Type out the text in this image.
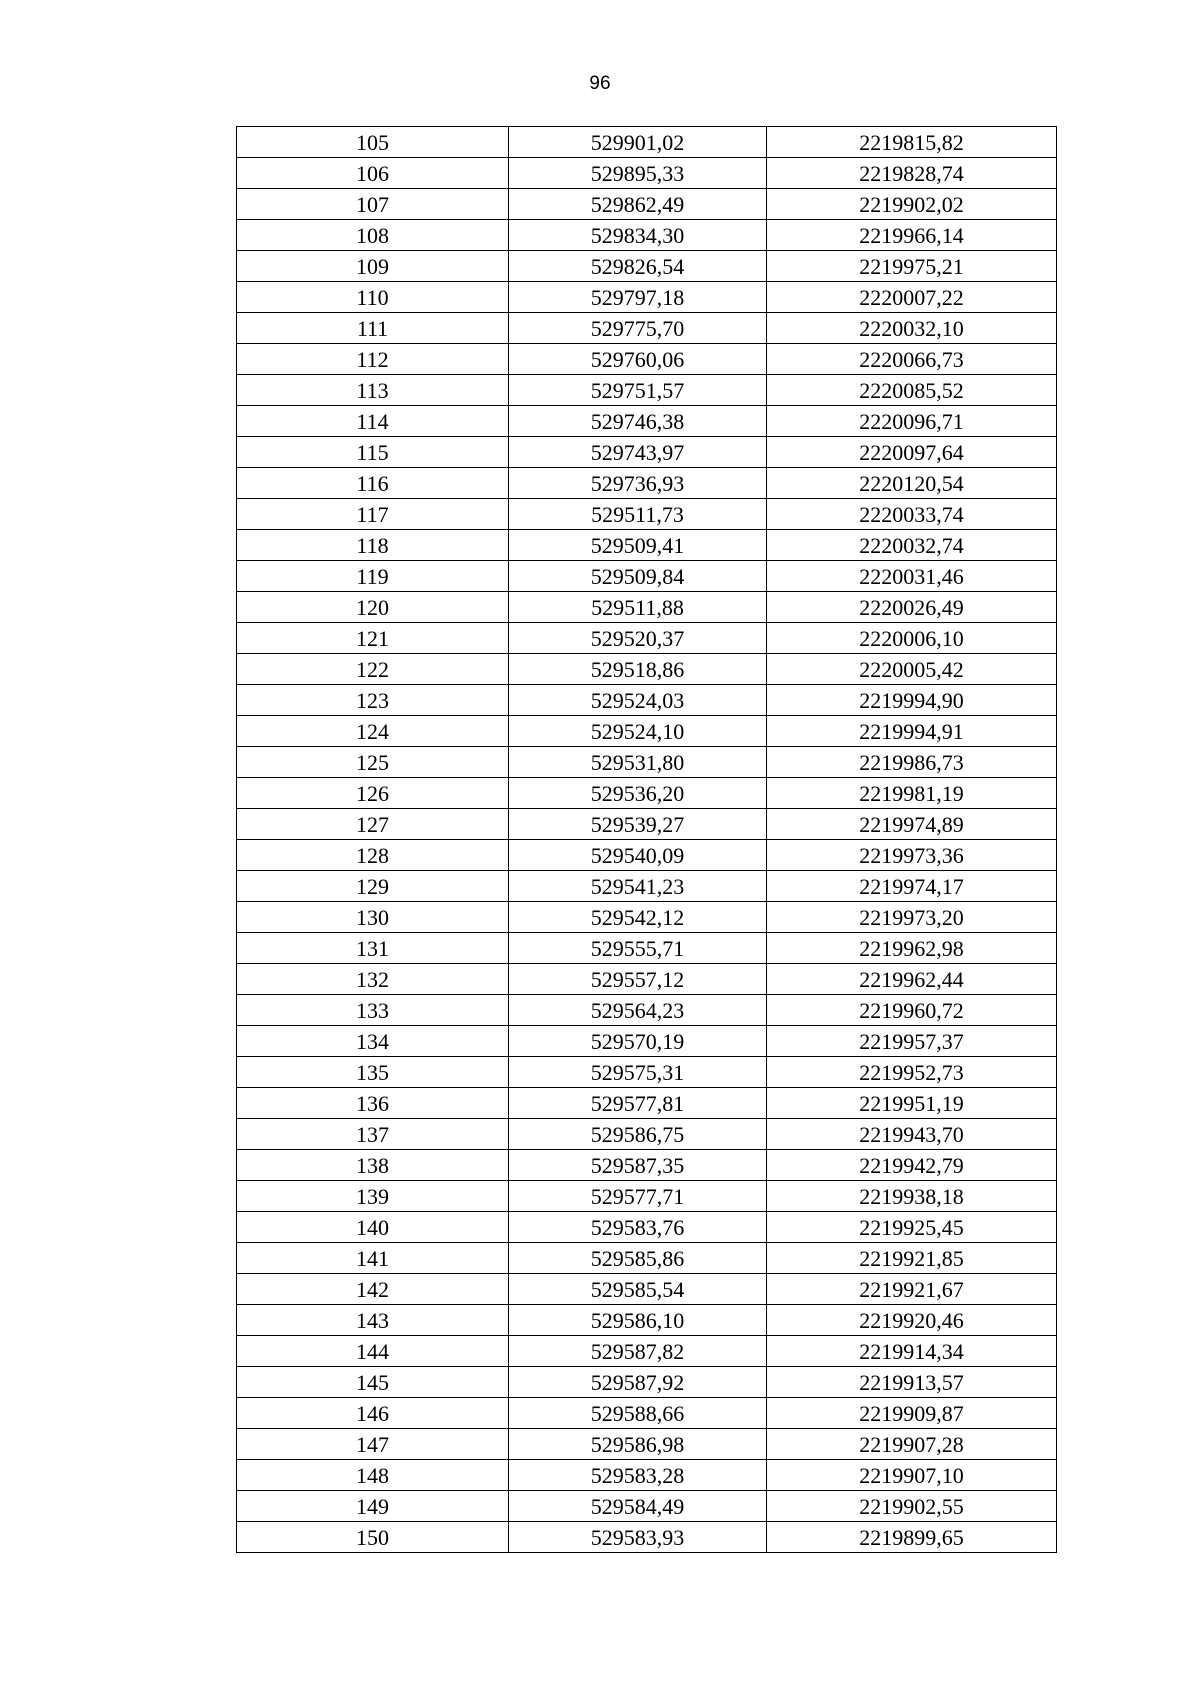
96
105	529901,02	2219815,82
106	529895,33	2219828,74
107	529862,49	2219902,02
108	529834,30	2219966,14
109	529826,54	2219975,21
110	529797,18	2220007,22
111	529775,70	2220032,10
112	529760,06	2220066,73
113	529751,57	2220085,52
114	529746,38	2220096,71
115	529743,97	2220097,64
116	529736,93	2220120,54
117	529511,73	2220033,74
118	529509,41	2220032,74
119	529509,84	2220031,46
120	529511,88	2220026,49
121	529520,37	2220006,10
122	529518,86	2220005,42
123	529524,03	2219994,90
124	529524,10	2219994,91
125	529531,80	2219986,73
126	529536,20	2219981,19
127	529539,27	2219974,89
128	529540,09	2219973,36
129	529541,23	2219974,17
130	529542,12	2219973,20
131	529555,71	2219962,98
132	529557,12	2219962,44
133	529564,23	2219960,72
134	529570,19	2219957,37
135	529575,31	2219952,73
136	529577,81	2219951,19
137	529586,75	2219943,70
138	529587,35	2219942,79
139	529577,71	2219938,18
140	529583,76	2219925,45
141	529585,86	2219921,85
142	529585,54	2219921,67
143	529586,10	2219920,46
144	529587,82	2219914,34
145	529587,92	2219913,57
146	529588,66	2219909,87
147	529586,98	2219907,28
148	529583,28	2219907,10
149	529584,49	2219902,55
150	529583,93	2219899,65
